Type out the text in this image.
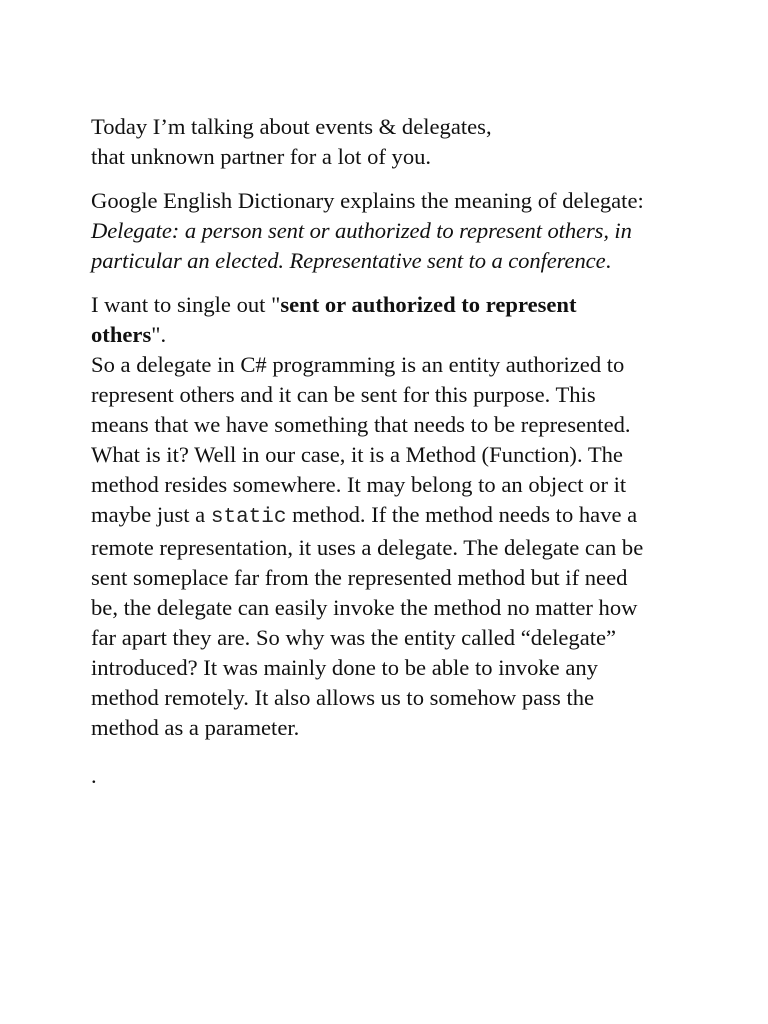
Today I’m talking about events & delegates,
that unknown partner for a lot of you.

Google English Dictionary explains the meaning of delegate:
Delegate: a person sent or authorized to represent others, in particular an elected. Representative sent to a conference.

I want to single out "sent or authorized to represent others".
So a delegate in C# programming is an entity authorized to represent others and it can be sent for this purpose. This means that we have something that needs to be represented.
What is it? Well in our case, it is a Method (Function). The method resides somewhere. It may belong to an object or it maybe just a static method. If the method needs to have a remote representation, it uses a delegate. The delegate can be sent someplace far from the represented method but if need be, the delegate can easily invoke the method no matter how far apart they are. So why was the entity called “delegate” introduced? It was mainly done to be able to invoke any method remotely. It also allows us to somehow pass the method as a parameter.

.
